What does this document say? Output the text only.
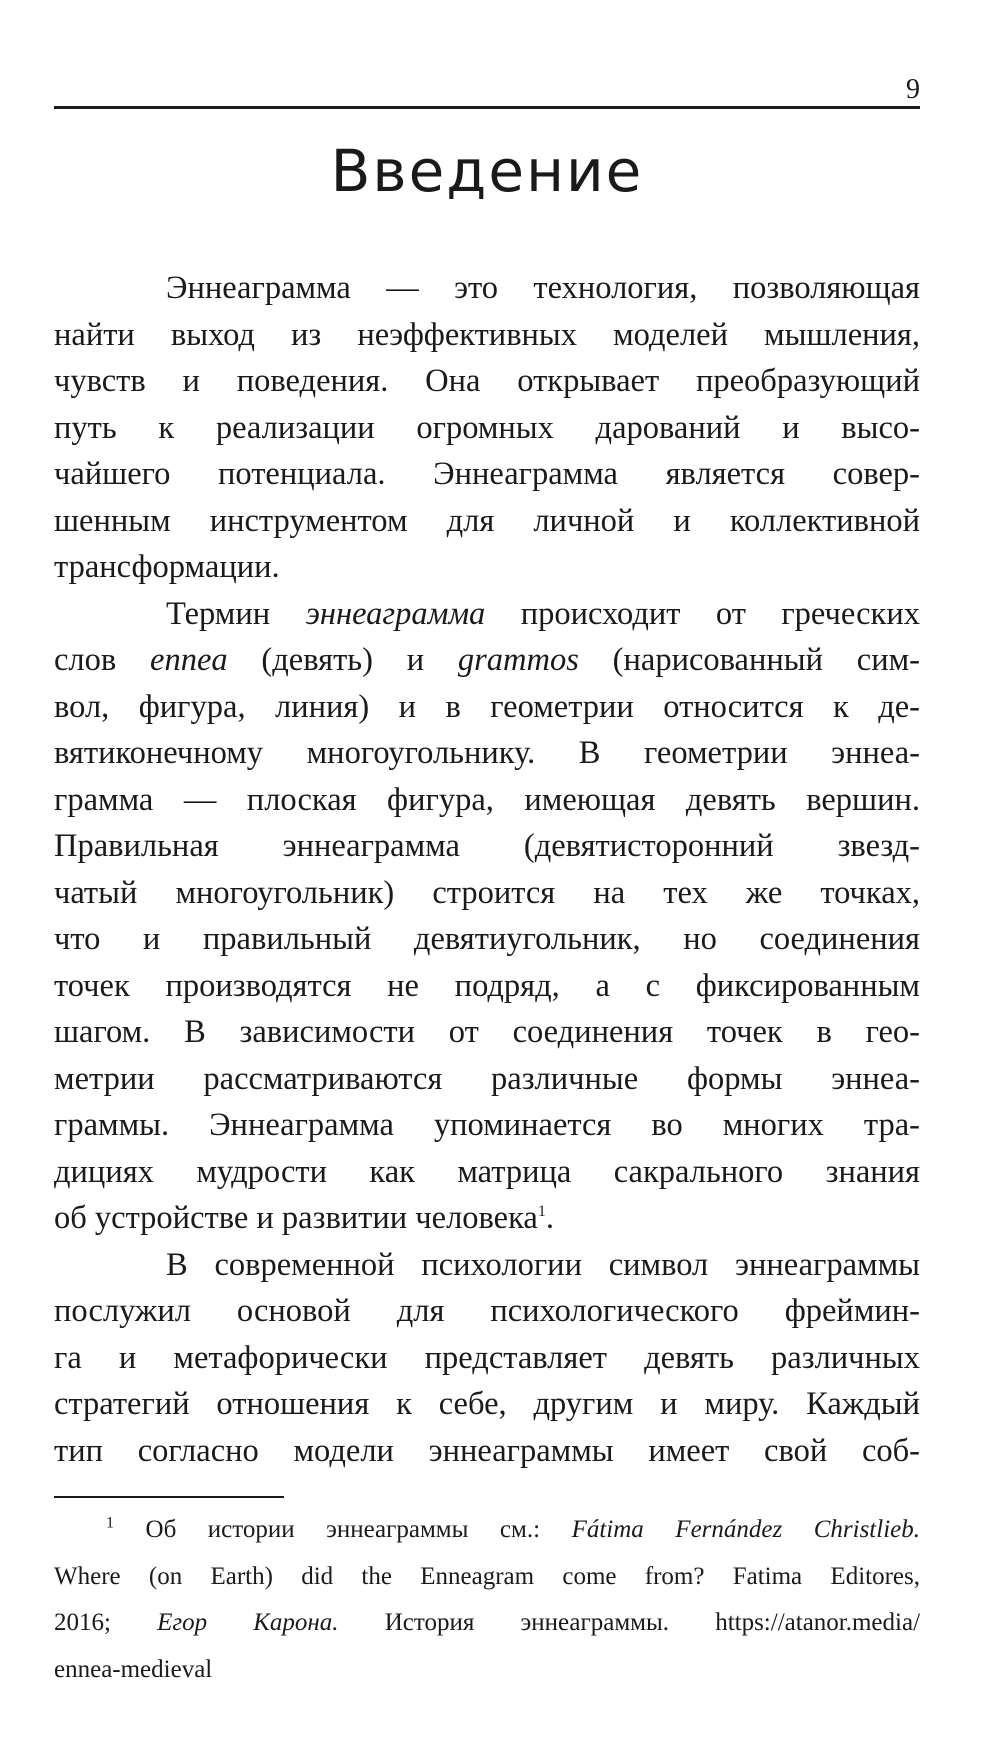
9
Введение
Эннеаграмма — это технология, позволяющая
найти выход из неэффективных моделей мышления,
чувств и поведения. Она открывает преобразующий
путь к реализации огромных дарований и высо-
чайшего потенциала. Эннеаграмма является совер-
шенным инструментом для личной и коллективной
трансформации.
Термин эннеаграмма происходит от греческих
слов ennea (девять) и grammos (нарисованный сим-
вол, фигура, линия) и в геометрии относится к де-
вятиконечному многоугольнику. В геометрии эннеа-
грамма — плоская фигура, имеющая девять вершин.
Правильная эннеаграмма (девятисторонний звезд-
чатый многоугольник) строится на тех же точках,
что и правильный девятиугольник, но соединения
точек производятся не подряд, а с фиксированным
шагом. В зависимости от соединения точек в гео-
метрии рассматриваются различные формы эннеа-
граммы. Эннеаграмма упоминается во многих тра-
дициях мудрости как матрица сакрального знания
об устройстве и развитии человека$^1$.
В современной психологии символ эннеаграммы
послужил основой для психологического фреймин-
га и метафорически представляет девять различных
стратегий отношения к себе, другим и миру. Каждый
тип согласно модели эннеаграммы имеет свой соб-
$^1$ Об истории эннеаграммы см.: Fátima Fernández Christlieb.
Where (on Earth) did the Enneagram come from? Fatima Editores,
2016; Егор Карона. История эннеаграммы. https://atanor.media/
ennea-medieval
